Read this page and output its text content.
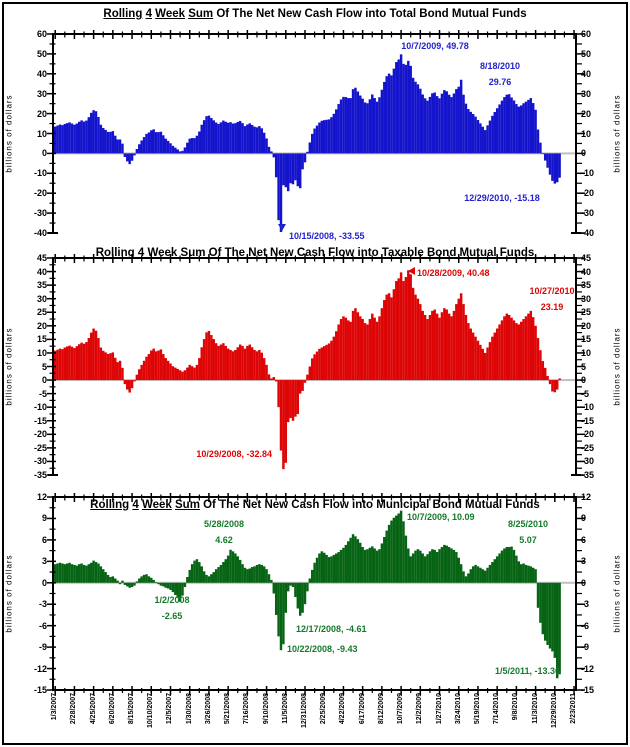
Rolling 4 Week Sum Of The Net New Cash Flow into Total Bond Mutual Funds
Rolling 4 Week Sum Of The Net New Cash Flow into Taxable Bond Mutual Funds
Rolling 4 Week Sum Of The Net New Cash Flow into Municipal Bond Mutual Funds
billions of dollars	billions of dollars
billions of dollars	billions of dollars
billions of dollars	billions of dollars
60	60
50	50
40	40
30	30
20	20
10	10
0	0
-10	-10
-20	-20
-30	-30
-40	-40
45	45
40	40
35	35
30	30
25	25
20	20
15	15
10	10
5	5
0	0
-5	-5
-10	-10
-15	-15
-20	-20
-25	-25
-30	-30
-35	-35
12	12
9	9
6	6
3	3
0	0
-3	-3
-6	-6
-9	-9
-12	-12
-15	-15
1/3/2007 2/28/2007 4/25/2007 6/20/2007 8/15/2007 10/10/2007 12/5/2007 1/30/2008 3/26/2008 5/21/2008 7/16/2008 9/10/2008 11/5/2008 12/31/2008 2/25/2009 4/22/2009 6/17/2009 8/12/2009 10/7/2009 12/2/2009 1/27/2010 3/24/2010 5/19/2010 7/14/2010 9/8/2010 11/3/2010 12/29/2010 2/23/2011
10/7/2009, 49.78
8/18/2010
29.76
12/29/2010, -15.18
10/15/2008, -33.55
10/28/2009, 40.48
10/27/2010
23.19
10/29/2008, -32.84
5/28/2008
4.62
10/7/2009, 10.09
8/25/2010
5.07
1/2/2008
-2.65
12/17/2008, -4.61
10/22/2008, -9.43
1/5/2011, -13.36
